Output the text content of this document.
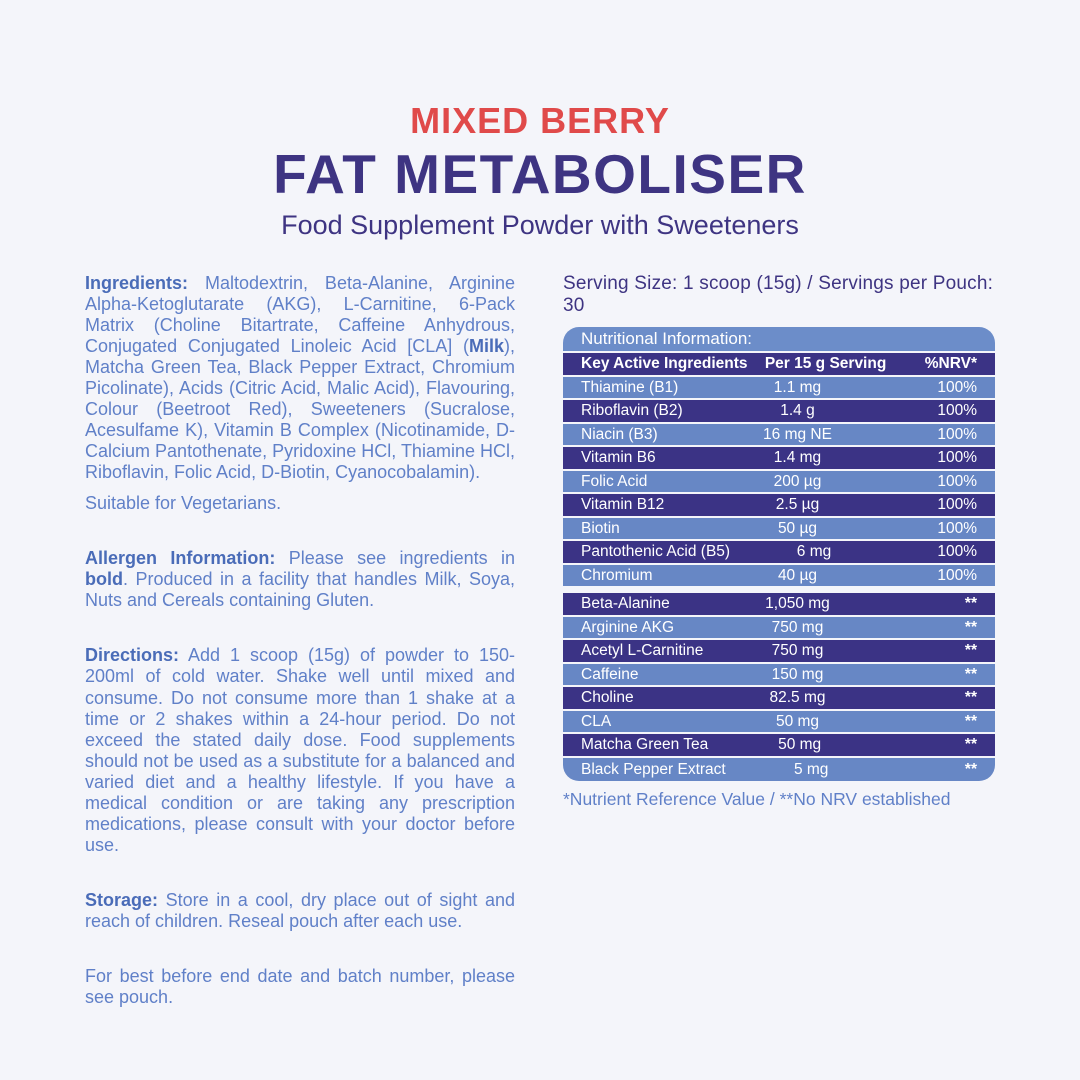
MIXED BERRY
FAT METABOLISER
Food Supplement Powder with Sweeteners

Ingredients: Maltodextrin, Beta-Alanine, Arginine Alpha-Ketoglutarate (AKG), L-Carnitine, 6-Pack Matrix (Choline Bitartrate, Caffeine Anhydrous, Conjugated Conjugated Linoleic Acid [CLA] (Milk), Matcha Green Tea, Black Pepper Extract, Chromium Picolinate), Acids (Citric Acid, Malic Acid), Flavouring, Colour (Beetroot Red), Sweeteners (Sucralose, Acesulfame K), Vitamin B Complex (Nicotinamide, D-Calcium Pantothenate, Pyridoxine HCl, Thiamine HCl, Riboflavin, Folic Acid, D-Biotin, Cyanocobalamin).

Suitable for Vegetarians.

Allergen Information: Please see ingredients in bold. Produced in a facility that handles Milk, Soya, Nuts and Cereals containing Gluten.

Directions: Add 1 scoop (15g) of powder to 150-200ml of cold water. Shake well until mixed and consume. Do not consume more than 1 shake at a time or 2 shakes within a 24-hour period. Do not exceed the stated daily dose. Food supplements should not be used as a substitute for a balanced and varied diet and a healthy lifestyle. If you have a medical condition or are taking any prescription medications, please consult with your doctor before use.

Storage: Store in a cool, dry place out of sight and reach of children. Reseal pouch after each use.

For best before end date and batch number, please see pouch.

Serving Size: 1 scoop (15g) / Servings per Pouch: 30
Nutritional Information:
Key Active Ingredients	Per 15 g Serving	%NRV*
Thiamine (B1)	1.1 mg	100%
Riboflavin (B2)	1.4 g	100%
Niacin (B3)	16 mg NE	100%
Vitamin B6	1.4 mg	100%
Folic Acid	200 µg	100%
Vitamin B12	2.5 µg	100%
Biotin	50 µg	100%
Pantothenic Acid (B5)	6 mg	100%
Chromium	40 µg	100%
Beta-Alanine	1,050 mg	**
Arginine AKG	750 mg	**
Acetyl L-Carnitine	750 mg	**
Caffeine	150 mg	**
Choline	82.5 mg	**
CLA	50 mg	**
Matcha Green Tea	50 mg	**
Black Pepper Extract	5 mg	**
*Nutrient Reference Value / **No NRV established
